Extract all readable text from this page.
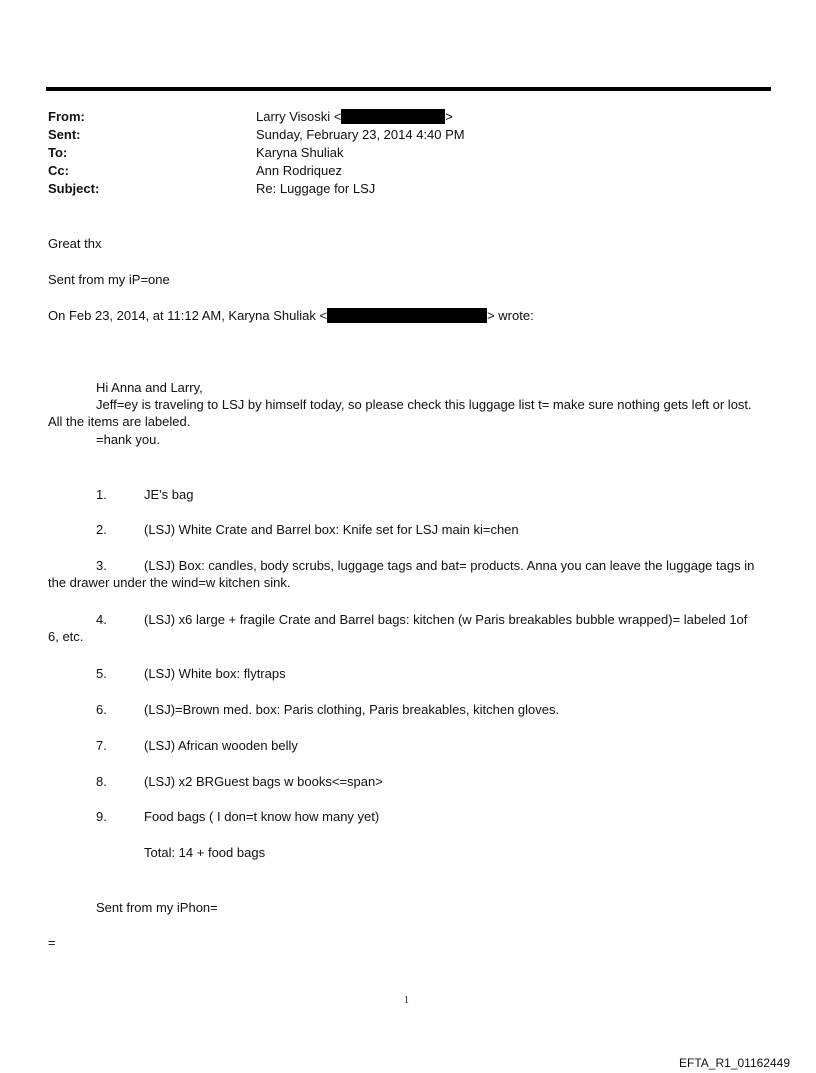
From:	Larry Visoski <	>
Sent:	Sunday, February 23, 2014 4:40 PM
To:	Karyna Shuliak
Cc:	Ann Rodriquez
Subject:	Re: Luggage for LSJ
Great thx
Sent from my iP=one
On Feb 23, 2014, at 11:12 AM, Karyna Shuliak <	> wrote:
Hi Anna and Larry,
Jeff=ey is traveling to LSJ by himself today, so please check this luggage list t= make sure nothing gets left or lost.
All the items are labeled.
=hank you.
1.	JE's bag
2.	(LSJ) White Crate and Barrel box: Knife set for LSJ main ki=chen
3.	(LSJ) Box: candles, body scrubs, luggage tags and bat= products. Anna you can leave the luggage tags in
the drawer under the wind=w kitchen sink.
4.	(LSJ) x6 large + fragile Crate and Barrel bags: kitchen (w Paris breakables bubble wrapped)= labeled 1of
6, etc.
5.	(LSJ) White box: flytraps
6.	(LSJ)=Brown med. box: Paris clothing, Paris breakables, kitchen gloves.
7.	(LSJ) African wooden belly
8.	(LSJ) x2 BRGuest bags w books<=span>
9.	Food bags ( I don=t know how many yet)
Total: 14 + food bags
Sent from my iPhon=
=
1
EFTA_R1_01162449
